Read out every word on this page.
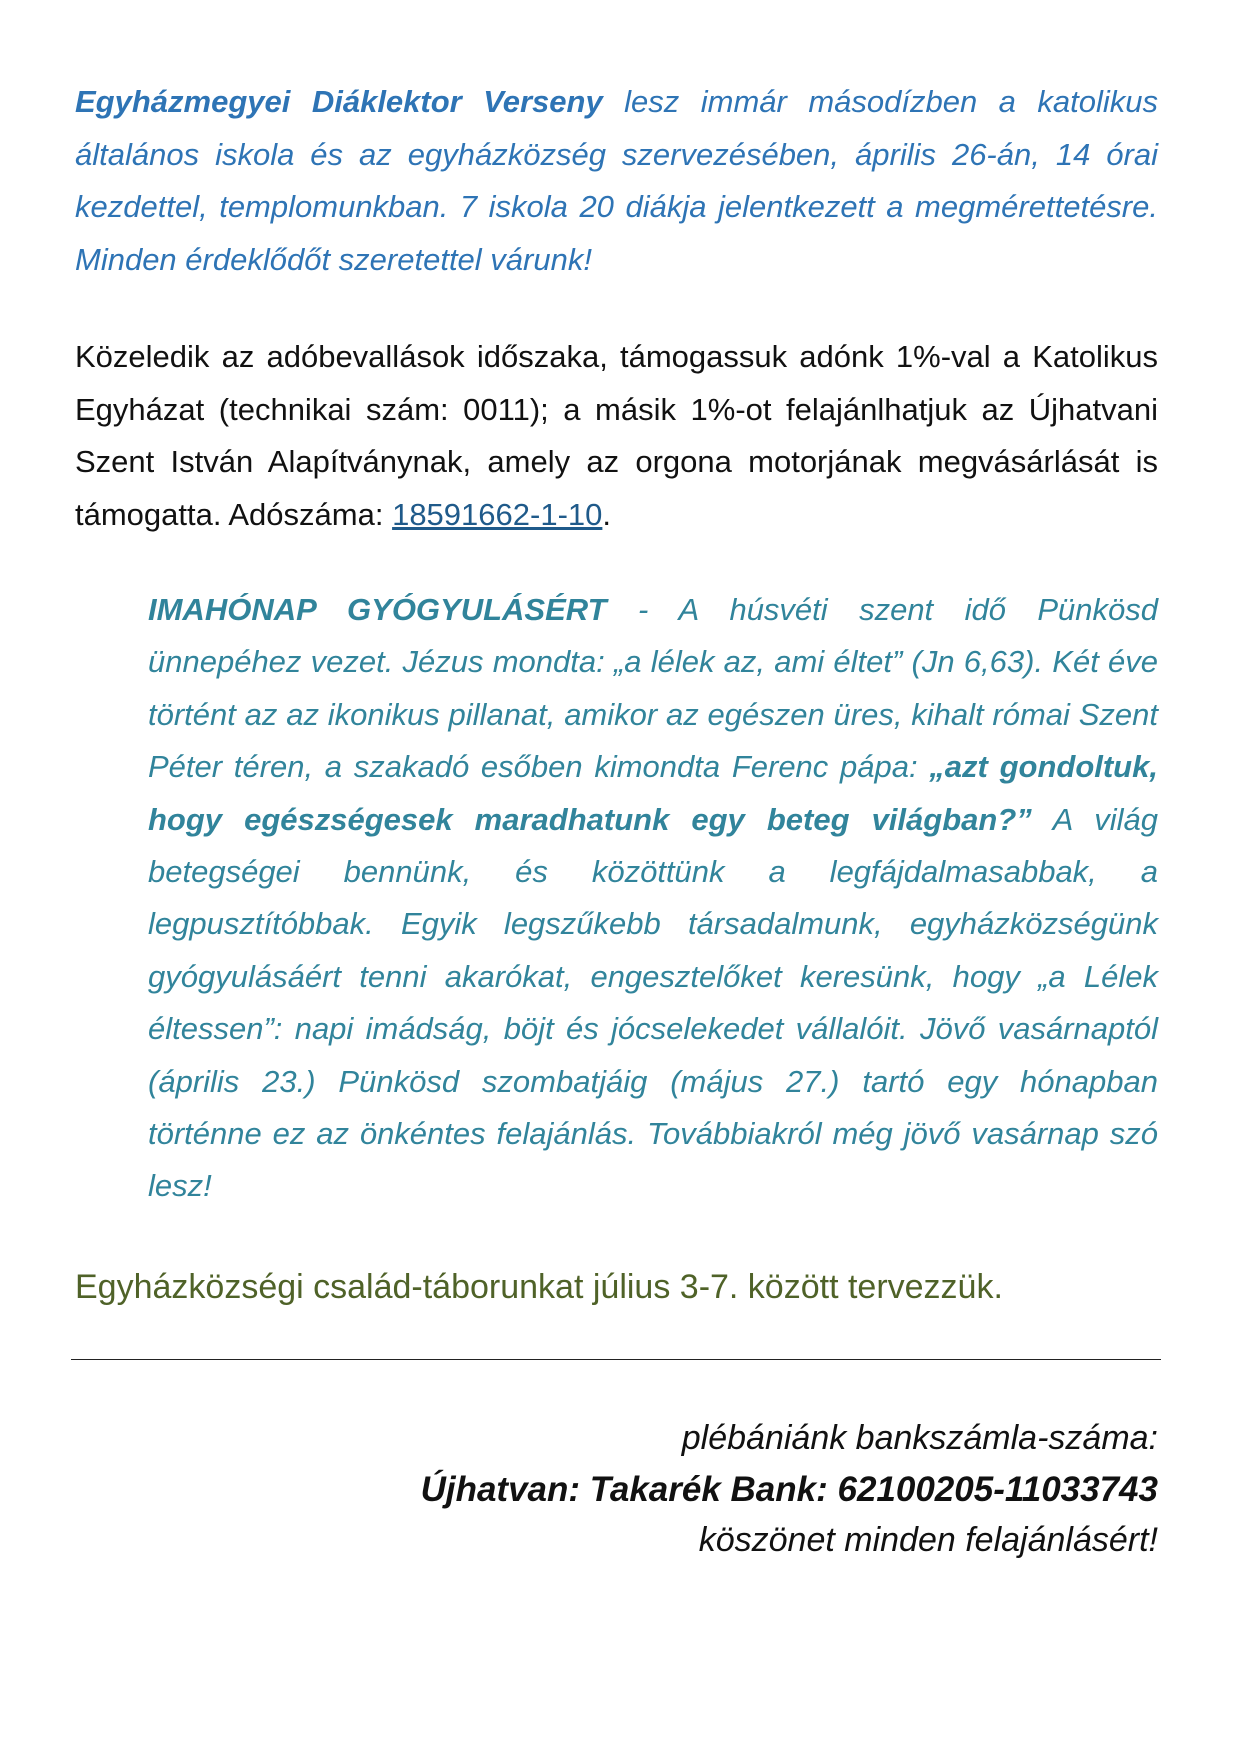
Egyházmegyei Diáklektor Verseny lesz immár másodízben a katolikus általános iskola és az egyházközség szervezésében, április 26-án, 14 órai kezdettel, templomunkban. 7 iskola 20 diákja jelentkezett a megmérettetésre. Minden érdeklődőt szeretettel várunk!

Közeledik az adóbevallások időszaka, támogassuk adónk 1%-val a Katolikus Egyházat (technikai szám: 0011); a másik 1%-ot felajánlhatjuk az Újhatvani Szent István Alapítványnak, amely az orgona motorjának megvásárlását is támogatta. Adószáma: 18591662-1-10.

IMAHÓNAP GYÓGYULÁSÉRT - A húsvéti szent idő Pünkösd ünnepéhez vezet. Jézus mondta: „a lélek az, ami éltet” (Jn 6,63). Két éve történt az az ikonikus pillanat, amikor az egészen üres, kihalt római Szent Péter téren, a szakadó esőben kimondta Ferenc pápa: „azt gondoltuk, hogy egészségesek maradhatunk egy beteg világban?” A világ betegségei bennünk, és közöttünk a legfájdalmasabbak, a legpusztítóbbak. Egyik legszűkebb társadalmunk, egyházközségünk gyógyulásáért tenni akarókat, engesztelőket keresünk, hogy „a Lélek éltessen”: napi imádság, böjt és jócselekedet vállalóit. Jövő vasárnaptól (április 23.) Pünkösd szombatjáig (május 27.) tartó egy hónapban történne ez az önkéntes felajánlás. Továbbiakról még jövő vasárnap szó lesz!

Egyházközségi család-táborunkat július 3-7. között tervezzük.

plébániánk bankszámla-száma:
Újhatvan: Takarék Bank: 62100205-11033743
köszönet minden felajánlásért!
